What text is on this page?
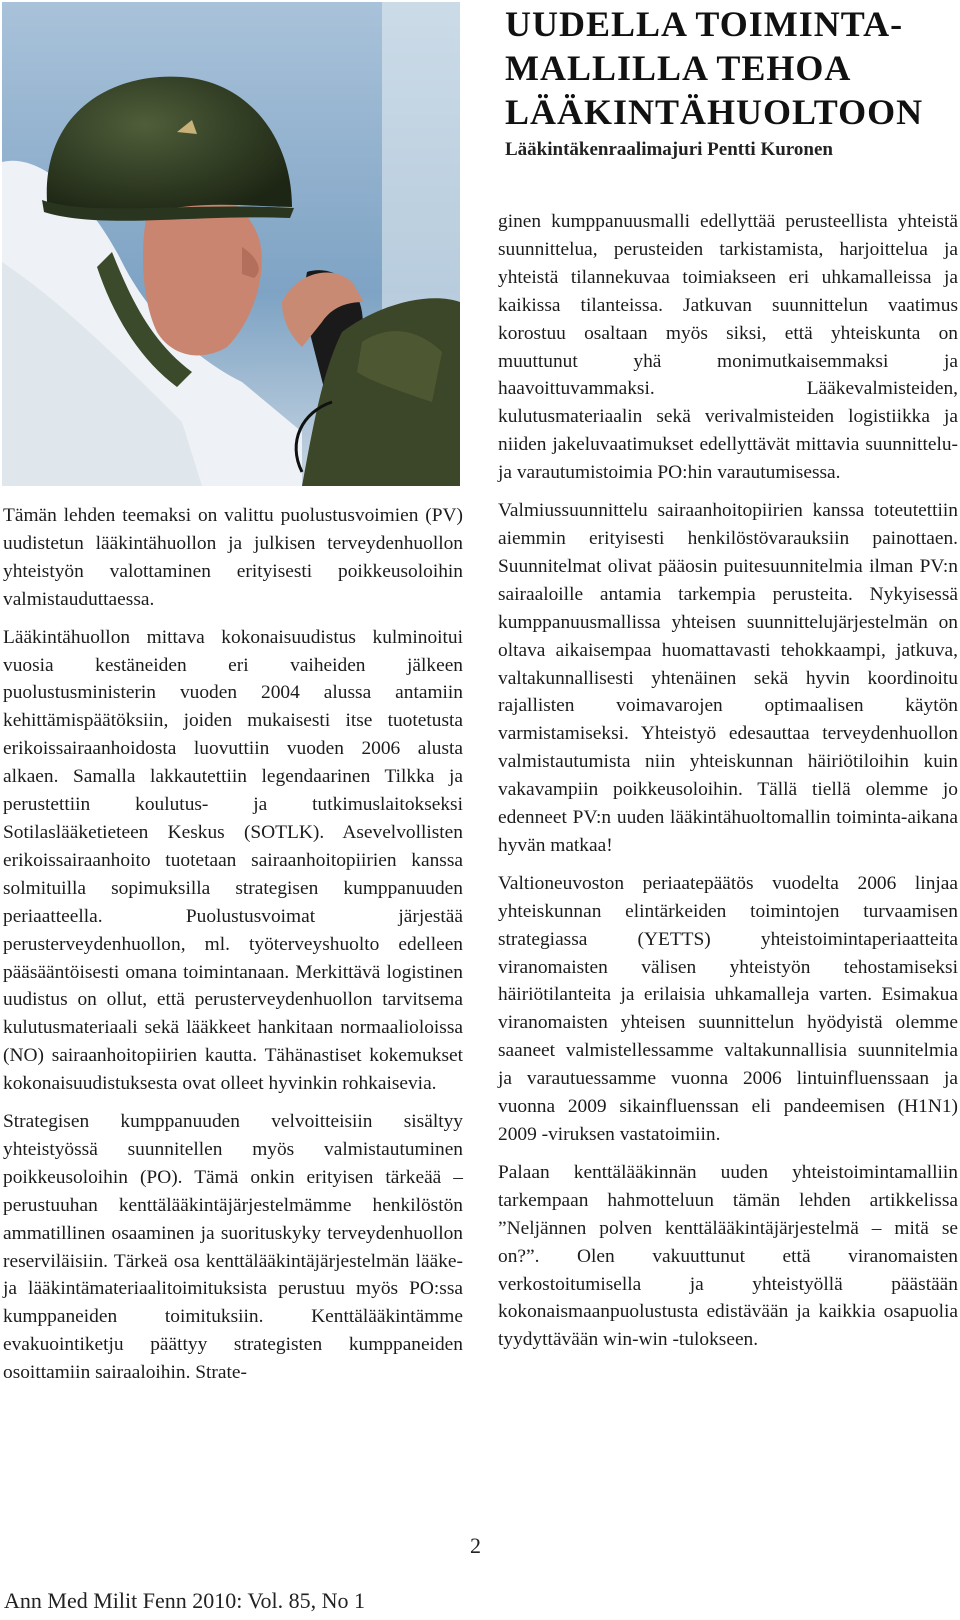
UUDELLA TOIMINTA-
MALLILLA TEHOA
LÄÄKINTÄHUOLTOON
Lääkintäkenraalimajuri Pentti Kuronen

Tämän lehden teemaksi on valittu puolustusvoimien (PV) uudistetun lääkintähuollon ja julkisen terveydenhuollon yhteistyön valottaminen erityisesti poikkeusoloihin valmistauduttaessa.

Lääkintähuollon mittava kokonaisuudistus kulminoitui vuosia kestäneiden eri vaiheiden jälkeen puolustusministerin vuoden 2004 alussa antamiin kehittämispäätöksiin, joiden mukaisesti itse tuotetusta erikoissairaanhoidosta luovuttiin vuoden 2006 alusta alkaen. Samalla lakkautettiin legendaarinen Tilkka ja perustettiin koulutus- ja tutkimuslaitokseksi Sotilaslääketieteen Keskus (SOTLK). Asevelvollisten erikoissairaanhoito tuotetaan sairaanhoitopiirien kanssa solmituilla sopimuksilla strategisen kumppanuuden periaatteella. Puolustusvoimat järjestää perusterveydenhuollon, ml. työterveyshuolto edelleen pääsääntöisesti omana toimintanaan. Merkittävä logistinen uudistus on ollut, että perusterveydenhuollon tarvitsema kulutusmateriaali sekä lääkkeet hankitaan normaalioloissa (NO) sairaanhoitopiirien kautta. Tähänastiset kokemukset kokonaisuudistuksesta ovat olleet hyvinkin rohkaisevia.

Strategisen kumppanuuden velvoitteisiin sisältyy yhteistyössä suunnitellen myös valmistautuminen poikkeusoloihin (PO). Tämä onkin erityisen tärkeää – perustuuhan kenttälääkintäjärjestelmämme henkilöstön ammatillinen osaaminen ja suorituskyky terveydenhuollon reserviläisiin. Tärkeä osa kenttälääkintäjärjestelmän lääke- ja lääkintämateriaalitoimituksista perustuu myös PO:ssa kumppaneiden toimituksiin. Kenttälääkintämme evakuointiketju päättyy strategisten kumppaneiden osoittamiin sairaaloihin. Strate-

ginen kumppanuusmalli edellyttää perusteellista yhteistä suunnittelua, perusteiden tarkistamista, harjoittelua ja yhteistä tilannekuvaa toimiakseen eri uhkamalleissa ja kaikissa tilanteissa. Jatkuvan suunnittelun vaatimus korostuu osaltaan myös siksi, että yhteiskunta on muuttunut yhä monimutkaisemmaksi ja haavoittuvammaksi. Lääkevalmisteiden, kulutusmateriaalin sekä verivalmisteiden logistiikka ja niiden jakeluvaatimukset edellyttävät mittavia suunnittelu- ja varautumistoimia PO:hin varautumisessa.

Valmiussuunnittelu sairaanhoitopiirien kanssa toteutettiin aiemmin erityisesti henkilöstövarauksiin painottaen. Suunnitelmat olivat pääosin puitesuunnitelmia ilman PV:n sairaaloille antamia tarkempia perusteita. Nykyisessä kumppanuusmallissa yhteisen suunnittelujärjestelmän on oltava aikaisempaa huomattavasti tehokkaampi, jatkuva, valtakunnallisesti yhtenäinen sekä hyvin koordinoitu rajallisten voimavarojen optimaalisen käytön varmistamiseksi. Yhteistyö edesauttaa terveydenhuollon valmistautumista niin yhteiskunnan häiriötiloihin kuin vakavampiin poikkeusoloihin. Tällä tiellä olemme jo edenneet PV:n uuden lääkintähuoltomallin toiminta-aikana hyvän matkaa!

Valtioneuvoston periaatepäätös vuodelta 2006 linjaa yhteiskunnan elintärkeiden toimintojen turvaamisen strategiassa (YETTS) yhteistoimintaperiaatteita viranomaisten välisen yhteistyön tehostamiseksi häiriötilanteita ja erilaisia uhkamalleja varten. Esimakua viranomaisten yhteisen suunnittelun hyödyistä olemme saaneet valmistellessamme valtakunnallisia suunnitelmia ja varautuessamme vuonna 2006 lintuinfluenssaan ja vuonna 2009 sikainfluenssan eli pandeemisen (H1N1) 2009 -viruksen vastatoimiin.

Palaan kenttälääkinnän uuden yhteistoimintamalliin tarkempaan hahmotteluun tämän lehden artikkelissa ”Neljännen polven kenttälääkintäjärjestelmä – mitä se on?”. Olen vakuuttunut että viranomaisten verkostoitumisella ja yhteistyöllä päästään kokonaismaanpuolustusta edistävään ja kaikkia osapuolia tyydyttävään win-win -tulokseen.

2
Ann Med Milit Fenn 2010: Vol. 85, No 1
